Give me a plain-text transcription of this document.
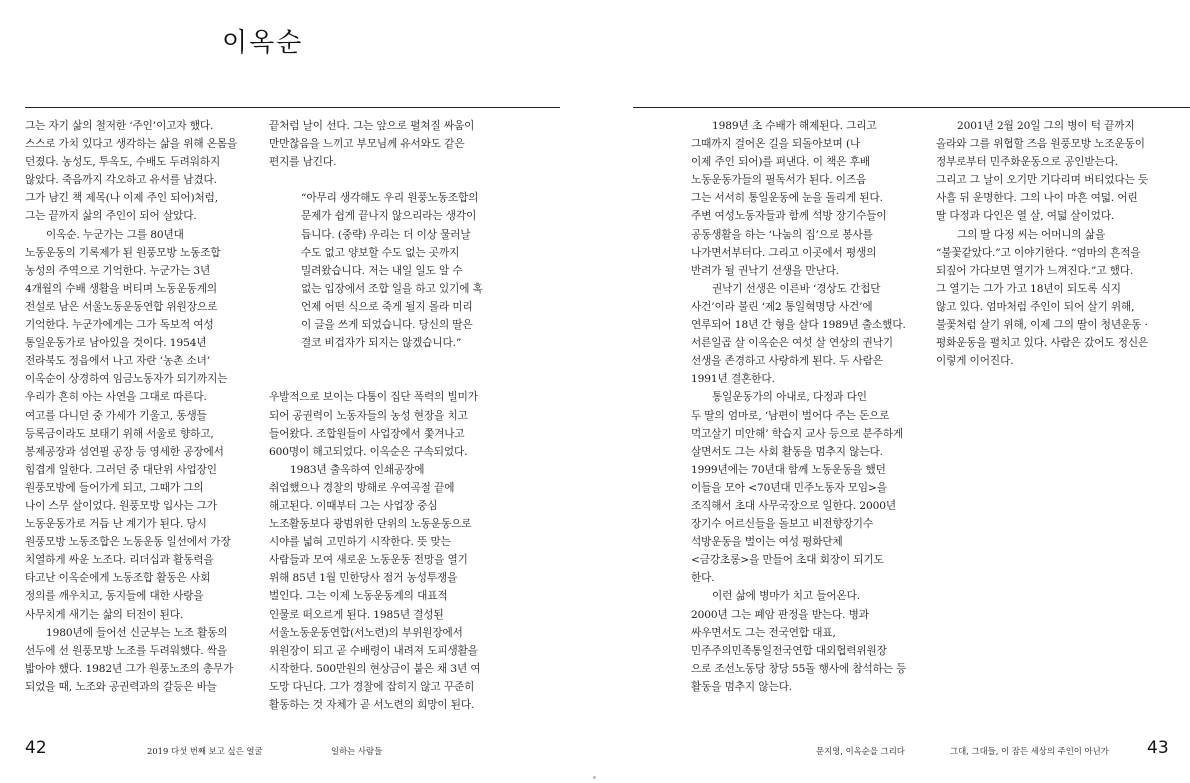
이옥순

그는 자기 삶의 철저한 ‘주인’이고자 했다.

스스로 가치 있다고 생각하는 삶을 위해 온몸을

던졌다. 농성도, 투옥도, 수배도 두려워하지

않았다. 죽음까지 각오하고 유서를 남겼다.

그가 남긴 책 제목(나 이제 주인 되어)처럼,

그는 끝까지 삶의 주인이 되어 살았다.

이옥순. 누군가는 그를 80년대

노동운동의 기록제가 된 원풍모방 노동조합

농성의 주역으로 기억한다. 누군가는 3년

4개월의 수배 생활을 버티며 노동운동계의

전설로 남은 서울노동운동연합 위원장으로

기억한다. 누군가에게는 그가 독보적 여성

통일운동가로 남아있을 것이다. 1954년

전라북도 정읍에서 나고 자란 ‘농촌 소녀’

이옥순이 상경하여 임금노동자가 되기까지는

우리가 흔히 아는 사연을 그대로 따른다.

여고를 다니던 중 가세가 기울고, 동생들

등록금이라도 보태기 위해 서울로 향하고,

봉제공장과 섬연필 공장 등 영세한 공장에서

힘겹게 일한다. 그러던 중 대단위 사업장인

원풍모방에 들어가게 되고, 그때가 그의

나이 스무 살이었다. 원풍모방 입사는 그가

노동운동가로 거듭 난 계기가 된다. 당시

원풍모방 노동조합은 노동운동 일선에서 가장

치열하게 싸운 노조다. 리더십과 활동력을

타고난 이옥순에게 노동조합 활동은 사회

정의를 깨우치고, 동지들에 대한 사랑을

사무치게 새기는 삶의 터전이 된다.

1980년에 들어선 신군부는 노조 활동의

선두에 선 원풍모방 노조를 두려워했다. 싹을

밟아야 했다. 1982년 그가 원풍노조의 총무가

되었을 때, 노조와 공권력과의 갈등은 바늘

끝처럼 날이 선다. 그는 앞으로 펼쳐질 싸움이

만만찮음을 느끼고 부모님께 유서와도 같은

편지를 남긴다.

“아무리 생각해도 우리 원풍노동조합의

문제가 쉽게 끝나지 않으리라는 생각이

듭니다. (중략) 우리는 더 이상 물러날

수도 없고 양보할 수도 없는 곳까지

밀려왔습니다. 저는 내일 일도 알 수

없는 입장에서 조합 일을 하고 있기에 혹

언제 어떤 식으로 죽게 될지 몰라 미리

이 글을 쓰게 되었습니다. 당신의 딸은

결코 비겁자가 되지는 않겠습니다.”

우발적으로 보이는 다툼이 집단 폭력의 빌미가

되어 공권력이 노동자들의 농성 현장을 치고

들어왔다. 조합원들이 사업장에서 쫓겨나고

600명이 해고되었다. 이옥순은 구속되었다.

1983년 출옥하여 인쇄공장에

취업했으나 경찰의 방해로 우여곡절 끝에

해고된다. 이때부터 그는 사업장 중심

노조활동보다 광범위한 단위의 노동운동으로

시야를 넓혀 고민하기 시작한다. 뜻 맞는

사람들과 모여 새로운 노동운동 전망을 열기

위해 85년 1월 민한당사 점거 농성투쟁을

벌인다. 그는 이제 노동운동계의 대표적

인물로 떠오르게 된다. 1985년 결성된

서울노동운동연합(서노련)의 부위원장에서

위원장이 되고 곧 수배령이 내려져 도피생활을

시작한다. 500만원의 현상금이 붙은 채 3년 여

도망 다닌다. 그가 경찰에 잡히지 않고 꾸준히

활동하는 것 자체가 곧 서노련의 희망이 된다.

42	2019 다섯 번째 보고 싶은 얼굴	일하는 사람들

1989년 초 수배가 해제된다. 그리고

그때까지 걸어온 길을 되돌아보며 (나

이제 주인 되어)를 펴낸다. 이 책은 후배

노동운동가들의 필독서가 된다. 이즈음

그는 서서히 통일운동에 눈을 돌리게 된다.

주변 여성노동자들과 함께 석방 장기수들이

공동생활을 하는 ‘나눔의 집’으로 봉사를

나가면서부터다. 그리고 이곳에서 평생의

반려가 될 권낙기 선생을 만난다.

권낙기 선생은 이른바 ‘경상도 간첩단

사건’이라 불린 ‘제2 통일혁명당 사건’에

연루되어 18년 간 형을 살다 1989년 출소했다.

서른일곱 살 이옥순은 여섯 살 연상의 권낙기

선생을 존경하고 사랑하게 된다. 두 사람은

1991년 결혼한다.

통일운동가의 아내로, 다정과 다인

두 딸의 엄마로, ‘남편이 벌어다 주는 돈으로

먹고살기 미안해’ 학습지 교사 등으로 분주하게

살면서도 그는 사회 활동을 멈추지 않는다.

1999년에는 70년대 함께 노동운동을 했던

이들을 모아 <70년대 민주노동자 모임>을

조직해서 초대 사무국장으로 일한다. 2000년

장기수 어르신들을 돌보고 비전향장기수

석방운동을 벌이는 여성 평화단체

<금강초롱>을 만들어 초대 회장이 되기도

한다.

이런 삶에 병마가 치고 들어온다.

2000년 그는 폐암 판정을 받는다. 병과

싸우면서도 그는 전국연합 대표,

민주주의민족통일전국연합 대외협력위원장

으로 조선노동당 창당 55돌 행사에 참석하는 등

활동을 멈추지 않는다.

2001년 2월 20일 그의 병이 턱 끝까지

올라와 그를 위협할 즈음 원풍모방 노조운동이

정부로부터 민주화운동으로 공인받는다.

그리고 그 날이 오기만 기다리며 버티었다는 듯

사흘 뒤 운명한다. 그의 나이 마흔 여덟. 어린

딸 다정과 다인은 열 살, 여덟 살이었다.

그의 딸 다정 씨는 어머니의 삶을

“불꽃같았다.”고 이야기한다. “엄마의 흔적을

되짚어 가다보면 열기가 느껴진다.”고 했다.

그 열기는 그가 가고 18년이 되도록 식지

않고 있다. 엄마처럼 주인이 되어 살기 위해,

불꽃처럼 살기 위해, 이제 그의 딸이 청년운동 ·

평화운동을 펼치고 있다. 사람은 갔어도 정신은

이렇게 이어진다.

문지영, 이옥순을 그리다	그대, 그대들, 이 잠든 세상의 주인이 아닌가 43
